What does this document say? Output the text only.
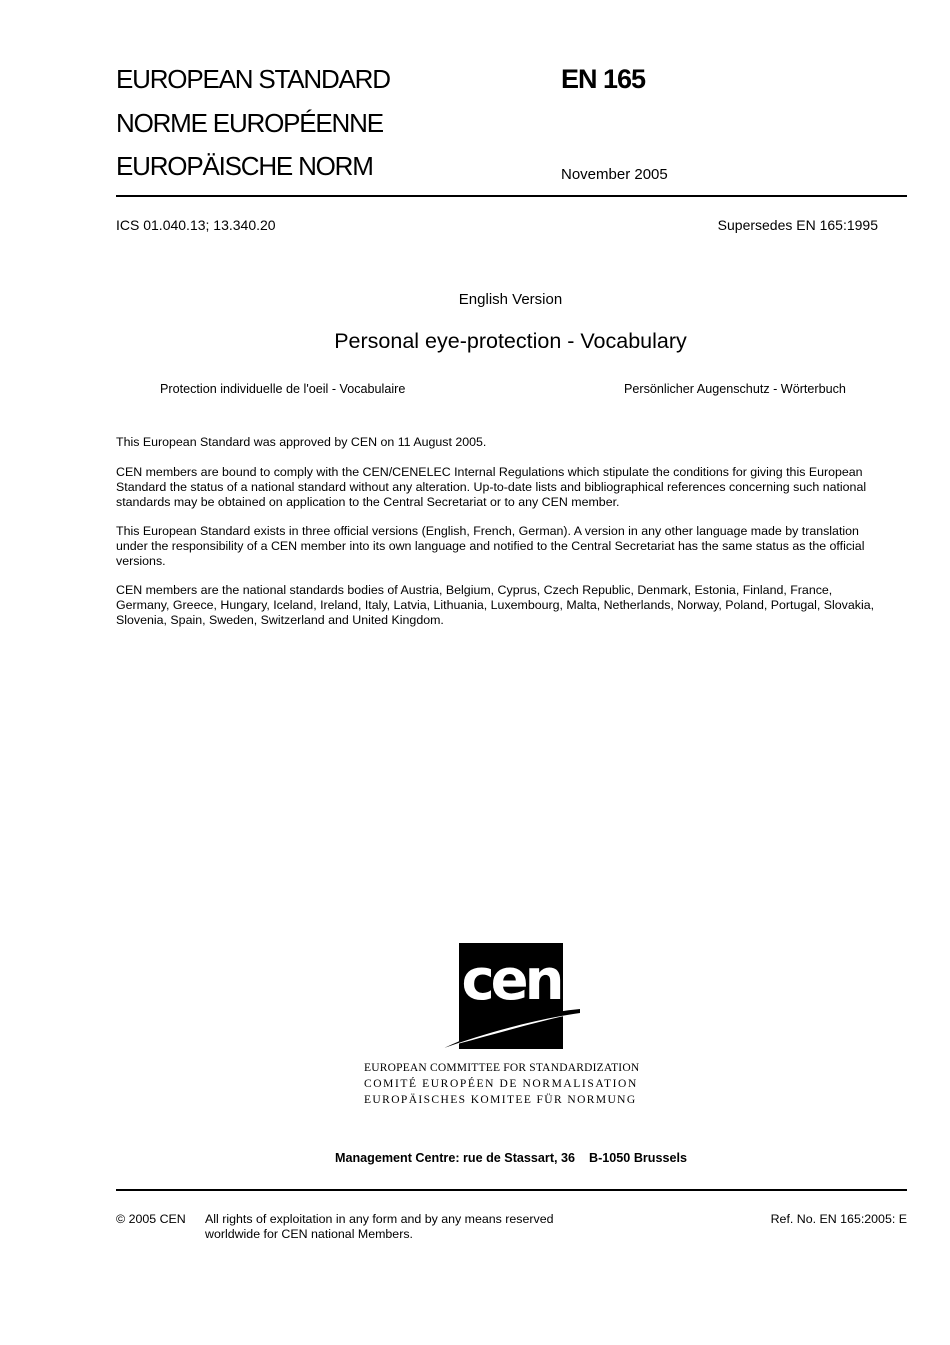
EUROPEAN STANDARD
NORME EUROPÉENNE
EUROPÄISCHE NORM
EN 165
November 2005
ICS 01.040.13; 13.340.20	Supersedes EN 165:1995
English Version
Personal eye-protection - Vocabulary
Protection individuelle de l'oeil - Vocabulaire	Persönlicher Augenschutz - Wörterbuch
This European Standard was approved by CEN on 11 August 2005.
CEN members are bound to comply with the CEN/CENELEC Internal Regulations which stipulate the conditions for giving this European
Standard the status of a national standard without any alteration. Up-to-date lists and bibliographical references concerning such national
standards may be obtained on application to the Central Secretariat or to any CEN member.
This European Standard exists in three official versions (English, French, German). A version in any other language made by translation
under the responsibility of a CEN member into its own language and notified to the Central Secretariat has the same status as the official
versions.
CEN members are the national standards bodies of Austria, Belgium, Cyprus, Czech Republic, Denmark, Estonia, Finland, France,
Germany, Greece, Hungary, Iceland, Ireland, Italy, Latvia, Lithuania, Luxembourg, Malta, Netherlands, Norway, Poland, Portugal, Slovakia,
Slovenia, Spain, Sweden, Switzerland and United Kingdom.
cen
EUROPEAN COMMITTEE FOR STANDARDIZATION
COMITÉ EUROPÉEN DE NORMALISATION
EUROPÄISCHES KOMITEE FÜR NORMUNG
Management Centre: rue de Stassart, 36    B-1050 Brussels
© 2005 CEN All rights of exploitation in any form and by any means reserved
worldwide for CEN national Members.
Ref. No. EN 165:2005: E
